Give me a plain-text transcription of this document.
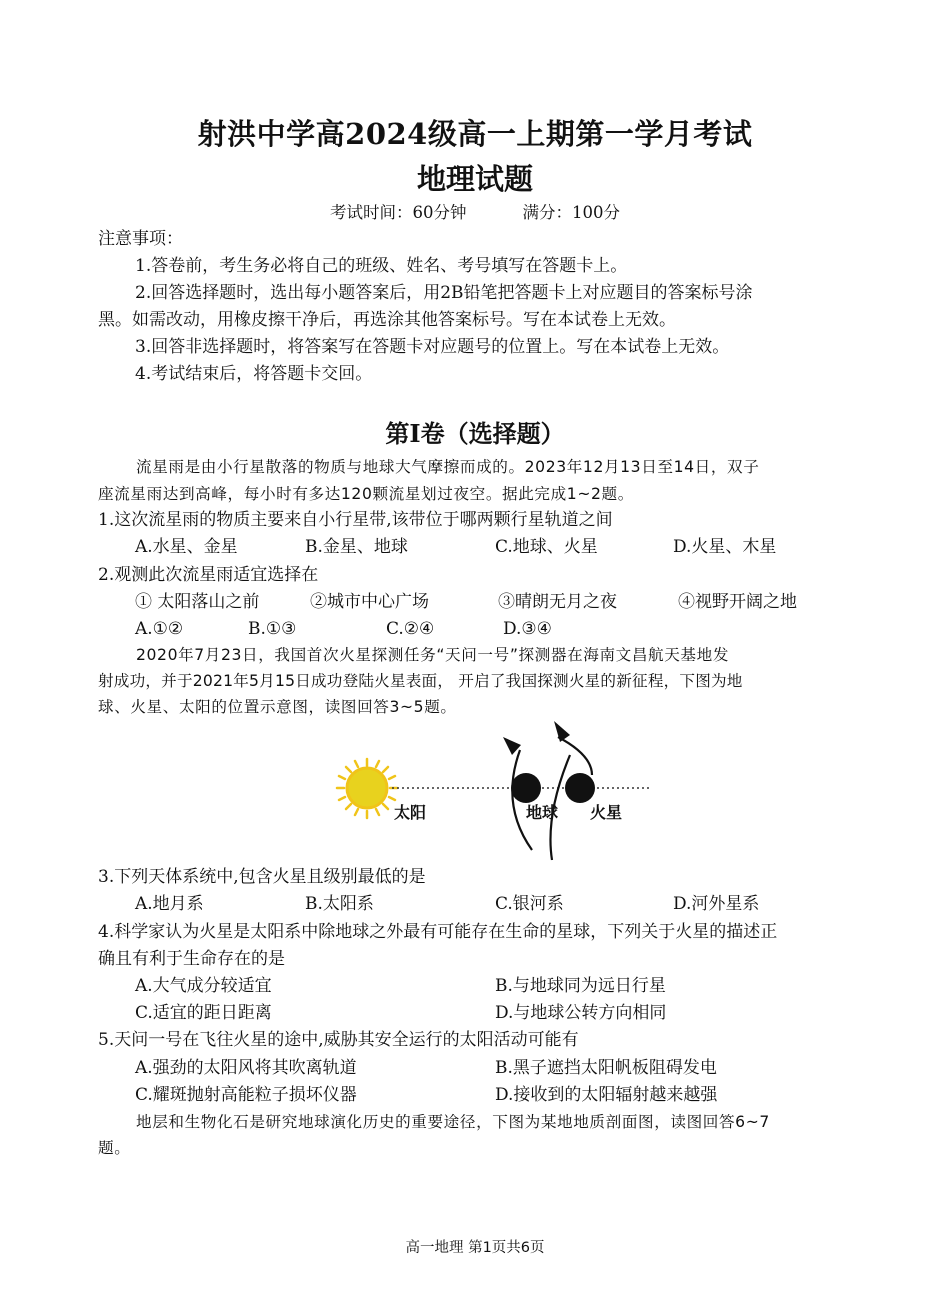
射洪中学高2024级高一上期第一学月考试
地理试题
考试时间：60分钟	满分：100分
注意事项：
1.答卷前，考生务必将自己的班级、姓名、考号填写在答题卡上。
2.回答选择题时，选出每小题答案后，用2B铅笔把答题卡上对应题目的答案标号涂
黑。如需改动，用橡皮擦干净后，再选涂其他答案标号。写在本试卷上无效。
3.回答非选择题时，将答案写在答题卡对应题号的位置上。写在本试卷上无效。
4.考试结束后，将答题卡交回。
第I卷（选择题）
流星雨是由小行星散落的物质与地球大气摩擦而成的。2023年12月13日至14日，双子
座流星雨达到高峰，每小时有多达120颗流星划过夜空。据此完成1~2题。
1.这次流星雨的物质主要来自小行星带,该带位于哪两颗行星轨道之间
A.水星、金星	B.金星、地球	C.地球、火星	D.火星、木星
2.观测此次流星雨适宜选择在
① 太阳落山之前	②城市中心广场	③晴朗无月之夜	④视野开阔之地
A.①②	B.①③	C.②④	D.③④
2020年7月23日，我国首次火星探测任务“天问一号”探测器在海南文昌航天基地发
射成功，并于2021年5月15日成功登陆火星表面， 开启了我国探测火星的新征程，下图为地
球、火星、太阳的位置示意图，读图回答3~5题。
太阳	地球 火星
3.下列天体系统中,包含火星且级别最低的是
A.地月系	B.太阳系	C.银河系	D.河外星系
4.科学家认为火星是太阳系中除地球之外最有可能存在生命的星球，下列关于火星的描述正
确且有利于生命存在的是
A.大气成分较适宜	B.与地球同为远日行星
C.适宜的距日距离	D.与地球公转方向相同
5.天问一号在飞往火星的途中,威胁其安全运行的太阳活动可能有
A.强劲的太阳风将其吹离轨道	B.黑子遮挡太阳帆板阻碍发电
C.耀斑抛射高能粒子损坏仪器	D.接收到的太阳辐射越来越强
地层和生物化石是研究地球演化历史的重要途径，下图为某地地质剖面图，读图回答6~7
题。
高一地理 第1页共6页
